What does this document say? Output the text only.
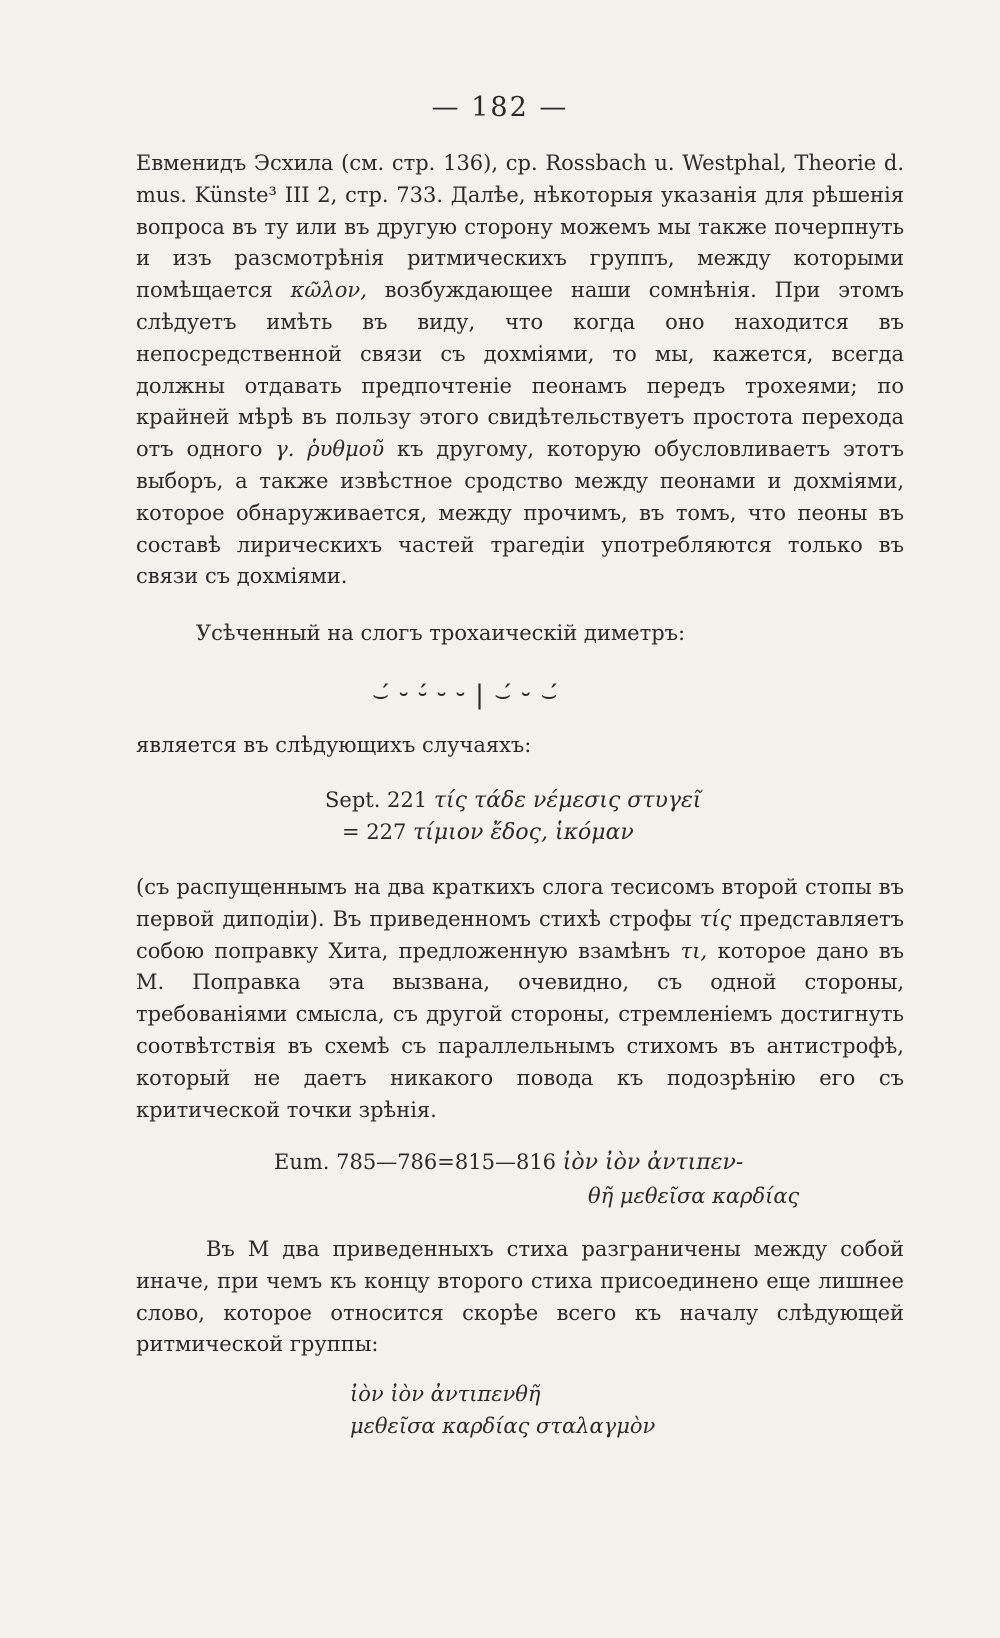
— 182 —
Евменидъ Эсхила (см. стр. 136), ср. Rossbach u. Westphal, Theorie d. mus. Künste³ III 2, стр. 733. Далѣе, нѣкоторыя указанія для рѣшенія вопроса въ ту или въ другую сторону можемъ мы также почерпнуть и изъ разсмотрѣнія ритмическихъ группъ, между которыми помѣщается κῶλον, возбуждающее наши сомнѣнія. При этомъ слѣдуетъ имѣть въ виду, что когда оно находится въ непосредственной связи съ дохміями, то мы, кажется, всегда должны отдавать предпочтеніе пеонамъ передъ трохеями; по крайней мѣрѣ въ пользу этого свидѣтельствуетъ простота перехода отъ одного γ. ῥυθμοῦ къ другому, которую обусловливаетъ этотъ выборъ, а также извѣстное сродство между пеонами и дохміями, которое обнаруживается, между прочимъ, въ томъ, что пеоны въ составѣ лирическихъ частей трагедіи употребляются только въ связи съ дохміями.
Усѣченный на слогъ трохаическій диметръ:
⌣́ ⏑ ⏑́ ⏑ ⏑ | ⌣́ ⏑ ⌣́
является въ слѣдующихъ случаяхъ:
Sept. 221 τίς τάδε νέμεσις στυγεῖ
= 227 τίμιον ἔδος, ἱκόμαν
(съ распущеннымъ на два краткихъ слога тесисомъ второй стопы въ первой диподіи). Въ приведенномъ стихѣ строфы τίς представляетъ собою поправку Хита, предложенную взамѣнъ τι, которое дано въ М. Поправка эта вызвана, очевидно, съ одной стороны, требованіями смысла, съ другой стороны, стремленіемъ достигнуть соотвѣтствія въ схемѣ съ параллельнымъ стихомъ въ антистрофѣ, который не даетъ никакого повода къ подозрѣнію его съ критической точки зрѣнія.
Eum. 785—786=815—816 ἰὸν ἰὸν ἀντιπεν-
θῆ μεθεῖσα καρδίας
Въ М два приведенныхъ стиха разграничены между собой иначе, при чемъ къ концу второго стиха присоединено еще лишнее слово, которое относится скорѣе всего къ началу слѣдующей ритмической группы:
ἰὸν ἰὸν ἀντιπενθῆ
μεθεῖσα καρδίας σταλαγμὸν
